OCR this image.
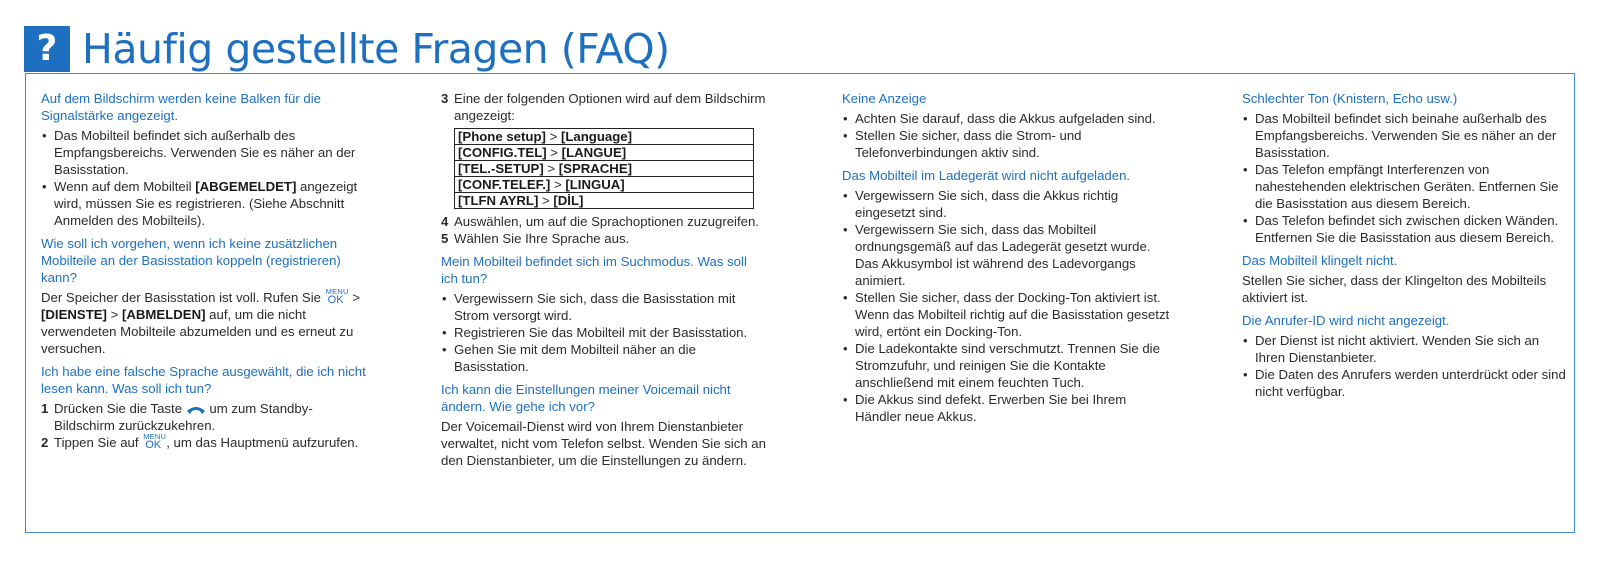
? Häufig gestellte Fragen (FAQ)

Auf dem Bildschirm werden keine Balken für die Signalstärke angezeigt.

• Das Mobilteil befindet sich außerhalb des Empfangsbereichs. Verwenden Sie es näher an der Basisstation.
• Wenn auf dem Mobilteil [ABGEMELDET] angezeigt wird, müssen Sie es registrieren. (Siehe Abschnitt Anmelden des Mobilteils).

Wie soll ich vorgehen, wenn ich keine zusätzlichen Mobilteile an der Basisstation koppeln (registrieren) kann?

Der Speicher der Basisstation ist voll. Rufen Sie MENU
OK > [DIENSTE] > [ABMELDEN] auf, um die nicht verwendeten Mobilteile abzumelden und es erneut zu versuchen.

Ich habe eine falsche Sprache ausgewählt, die ich nicht lesen kann. Was soll ich tun?

1 Drücken Sie die Taste  um zum Standby-Bildschirm zurückzukehren.
2 Tippen Sie auf MENU
OK , um das Hauptmenü aufzurufen.
3 Eine der folgenden Optionen wird auf dem Bildschirm angezeigt:
[Phone setup] > [Language]
[CONFIG.TEL] > [LANGUE]
[TEL.-SETUP] > [SPRACHE]
[CONF.TELEF.] > [LINGUA]
[TLFN AYRL] > [DİL]
4 Auswählen, um auf die Sprachoptionen zuzugreifen.
5 Wählen Sie Ihre Sprache aus.

Mein Mobilteil befindet sich im Suchmodus. Was soll ich tun?

• Vergewissern Sie sich, dass die Basisstation mit Strom versorgt wird.
• Registrieren Sie das Mobilteil mit der Basisstation.
• Gehen Sie mit dem Mobilteil näher an die Basisstation.

Ich kann die Einstellungen meiner Voicemail nicht ändern. Wie gehe ich vor?

Der Voicemail-Dienst wird von Ihrem Dienstanbieter verwaltet, nicht vom Telefon selbst. Wenden Sie sich an den Dienstanbieter, um die Einstellungen zu ändern.

Keine Anzeige

• Achten Sie darauf, dass die Akkus aufgeladen sind.
• Stellen Sie sicher, dass die Strom- und Telefonverbindungen aktiv sind.

Das Mobilteil im Ladegerät wird nicht aufgeladen.

• Vergewissern Sie sich, dass die Akkus richtig eingesetzt sind.
• Vergewissern Sie sich, dass das Mobilteil ordnungsgemäß auf das Ladegerät gesetzt wurde. Das Akkusymbol ist während des Ladevorgangs animiert.
• Stellen Sie sicher, dass der Docking-Ton aktiviert ist. Wenn das Mobilteil richtig auf die Basisstation gesetzt wird, ertönt ein Docking-Ton.
• Die Ladekontakte sind verschmutzt. Trennen Sie die Stromzufuhr, und reinigen Sie die Kontakte anschließend mit einem feuchten Tuch.
• Die Akkus sind defekt. Erwerben Sie bei Ihrem Händler neue Akkus.

Schlechter Ton (Knistern, Echo usw.)

• Das Mobilteil befindet sich beinahe außerhalb des Empfangsbereichs. Verwenden Sie es näher an der Basisstation.
• Das Telefon empfängt Interferenzen von nahestehenden elektrischen Geräten. Entfernen Sie die Basisstation aus diesem Bereich.
• Das Telefon befindet sich zwischen dicken Wänden. Entfernen Sie die Basisstation aus diesem Bereich.

Das Mobilteil klingelt nicht.

Stellen Sie sicher, dass der Klingelton des Mobilteils aktiviert ist.

Die Anrufer-ID wird nicht angezeigt.

• Der Dienst ist nicht aktiviert. Wenden Sie sich an Ihren Dienstanbieter.
• Die Daten des Anrufers werden unterdrückt oder sind nicht verfügbar.
